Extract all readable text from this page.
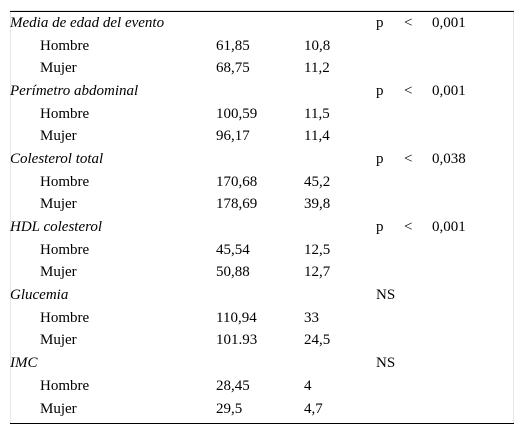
Media de edad del evento			p	<	0,001
Hombre	61,85	10,8			
Mujer	68,75	11,2			
Perímetro abdominal			p	<	0,001
Hombre	100,59	11,5			
Mujer	96,17	11,4			
Colesterol total			p	<	0,038
Hombre	170,68	45,2			
Mujer	178,69	39,8			
HDL colesterol			p	<	0,001
Hombre	45,54	12,5			
Mujer	50,88	12,7			
Glucemia			NS		
Hombre	110,94	33			
Mujer	101.93	24,5			
IMC			NS		
Hombre	28,45	4			
Mujer	29,5	4,7			
